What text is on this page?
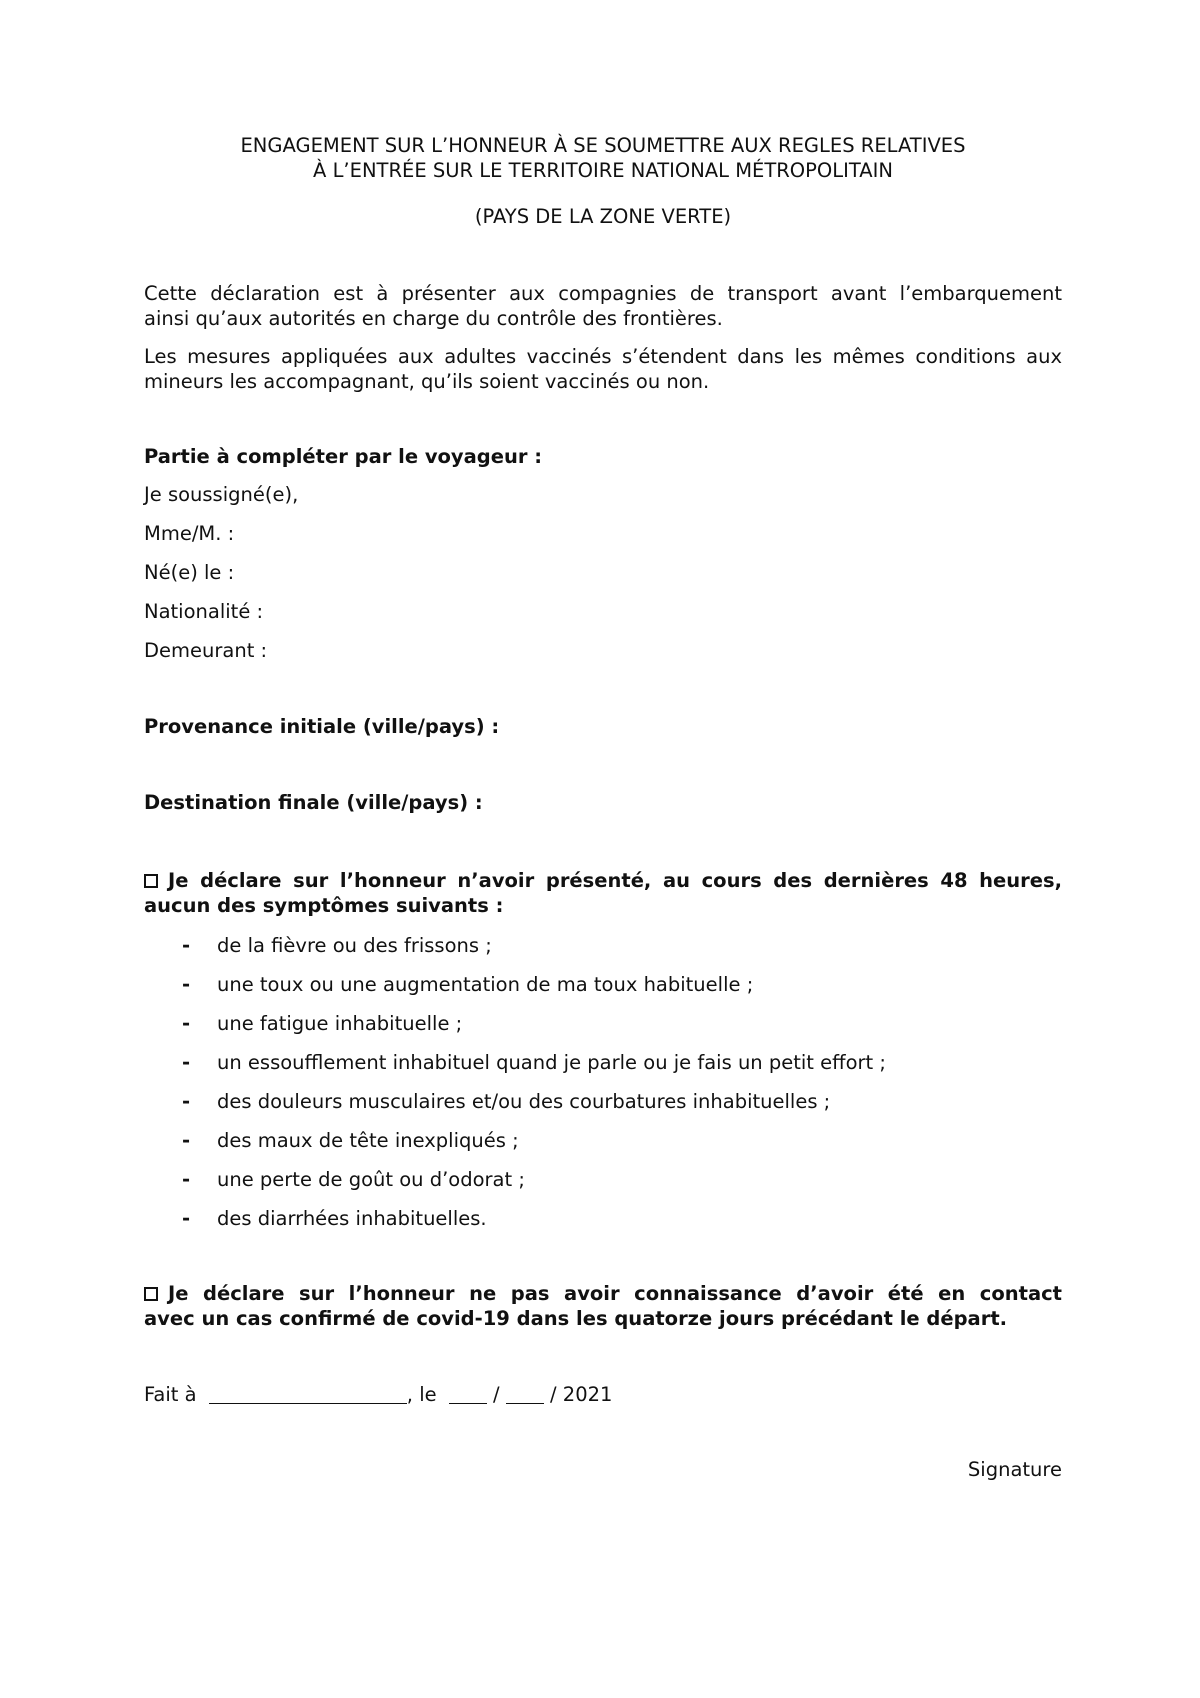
ENGAGEMENT SUR L’HONNEUR À SE SOUMETTRE AUX REGLES RELATIVES
À L’ENTRÉE SUR LE TERRITOIRE NATIONAL MÉTROPOLITAIN
(PAYS DE LA ZONE VERTE)
Cette déclaration est à présenter aux compagnies de transport avant l’embarquement
ainsi qu’aux autorités en charge du contrôle des frontières.
Les mesures appliquées aux adultes vaccinés s’étendent dans les mêmes conditions aux
mineurs les accompagnant, qu’ils soient vaccinés ou non.
Partie à compléter par le voyageur :
Je soussigné(e),
Mme/M. :
Né(e) le :
Nationalité :
Demeurant :
Provenance initiale (ville/pays) :
Destination finale (ville/pays) :
Je déclare sur l’honneur n’avoir présenté, au cours des dernières 48 heures,
aucun des symptômes suivants :
- de la fièvre ou des frissons ;
- une toux ou une augmentation de ma toux habituelle ;
- une fatigue inhabituelle ;
- un essoufflement inhabituel quand je parle ou je fais un petit effort ;
- des douleurs musculaires et/ou des courbatures inhabituelles ;
- des maux de tête inexpliqués ;
- une perte de goût ou d’odorat ;
- des diarrhées inhabituelles.
Je déclare sur l’honneur ne pas avoir connaissance d’avoir été en contact
avec un cas confirmé de covid-19 dans les quatorze jours précédant le départ.
Fait à	, le	/	/ 2021
Signature
